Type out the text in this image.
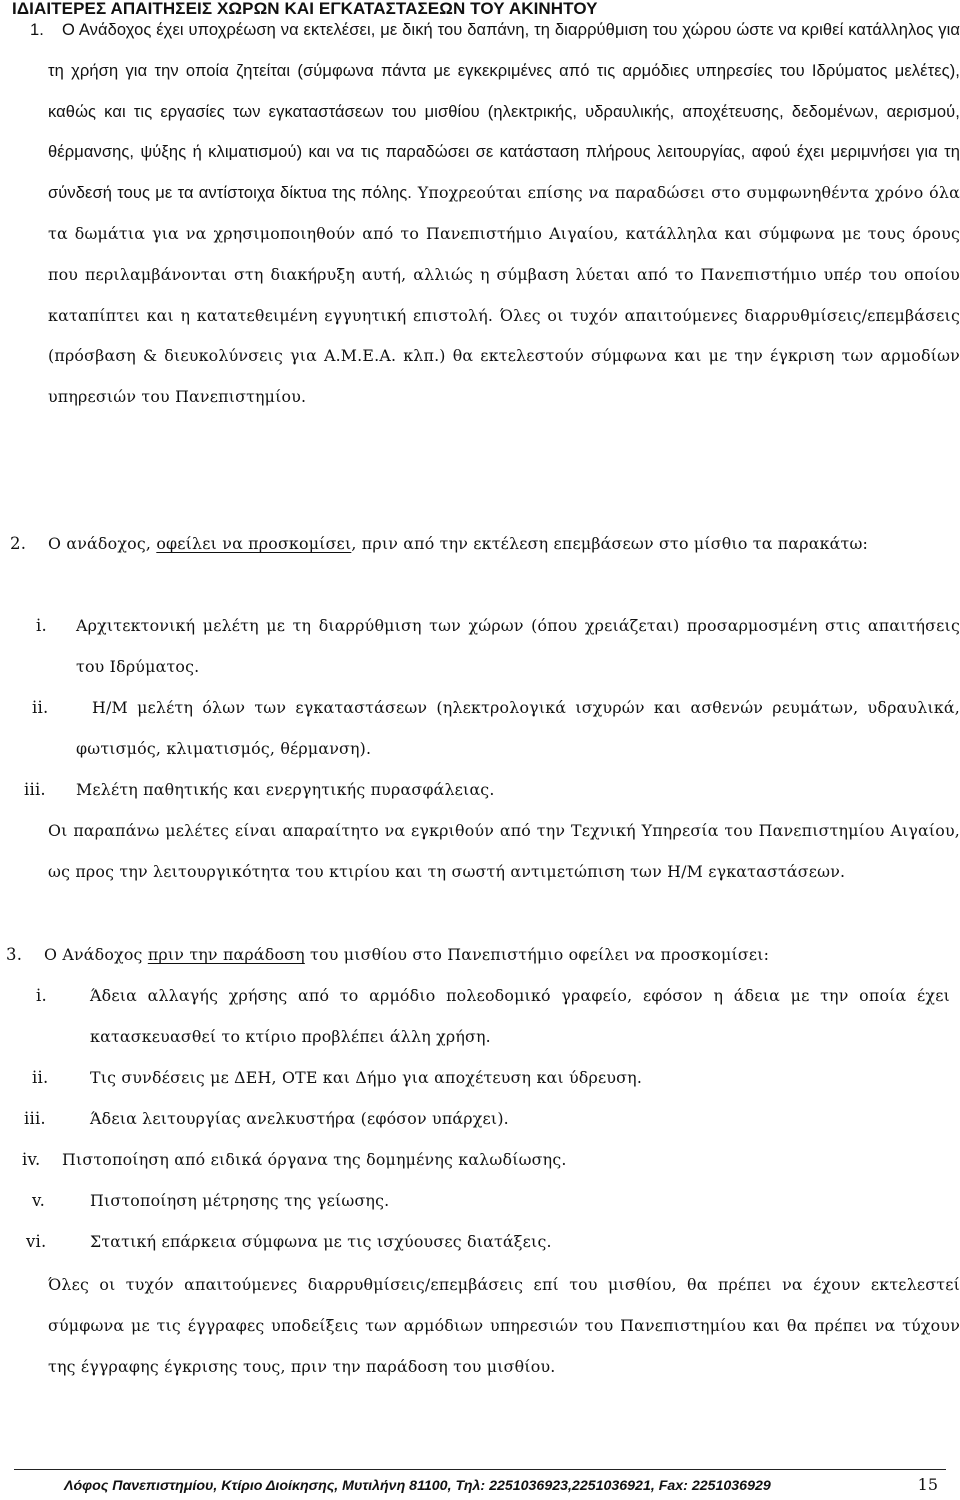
ΙΔΙΑΙΤΕΡΕΣ ΑΠΑΙΤΗΣΕΙΣ ΧΩΡΩΝ ΚΑΙ ΕΓΚΑΤΑΣΤΑΣΕΩΝ ΤΟΥ ΑΚΙΝΗΤΟΥ
1.	Ο Ανάδοχος έχει υποχρέωση να εκτελέσει, με δική του δαπάνη, τη διαρρύθμιση του χώρου ώστε να κριθεί κατάλληλος για τη χρήση για την οποία ζητείται (σύμφωνα πάντα με εγκεκριμένες από τις αρμόδιες υπηρεσίες του Ιδρύματος μελέτες), καθώς και τις εργασίες των εγκαταστάσεων του μισθίου (ηλεκτρικής, υδραυλικής, αποχέτευσης, δεδομένων, αερισμού, θέρμανσης, ψύξης ή κλιματισμού) και να τις παραδώσει σε κατάσταση πλήρους λειτουργίας, αφού έχει μεριμνήσει για τη σύνδεσή τους με τα αντίστοιχα δίκτυα της πόλης. Υποχρεούται επίσης να παραδώσει στο συμφωνηθέντα χρόνο όλα τα δωμάτια για να χρησιμοποιηθούν από το Πανεπιστήμιο Αιγαίου, κατάλληλα και σύμφωνα με τους όρους που περιλαμβάνονται στη διακήρυξη αυτή, αλλιώς η σύμβαση λύεται από το Πανεπιστήμιο υπέρ του οποίου καταπίπτει και η κατατεθειμένη εγγυητική επιστολή. Όλες οι τυχόν απαιτούμενες διαρρυθμίσεις/επεμβάσεις (πρόσβαση & διευκολύνσεις για Α.Μ.Ε.Α. κλπ.) θα εκτελεστούν σύμφωνα και με την έγκριση των αρμοδίων υπηρεσιών του Πανεπιστημίου.

2. Ο ανάδοχος, οφείλει να προσκομίσει, πριν από την εκτέλεση επεμβάσεων στο μίσθιο τα παρακάτω:

i. Αρχιτεκτονική μελέτη με τη διαρρύθμιση των χώρων (όπου χρειάζεται) προσαρμοσμένη στις απαιτήσεις του Ιδρύματος.

ii.	Η/Μ μελέτη όλων των εγκαταστάσεων (ηλεκτρολογικά ισχυρών και ασθενών ρευμάτων, υδραυλικά, φωτισμός, κλιματισμός, θέρμανση).

iii. Μελέτη παθητικής και ενεργητικής πυρασφάλειας.

Οι παραπάνω μελέτες είναι απαραίτητο να εγκριθούν από την Τεχνική Υπηρεσία του Πανεπιστημίου Αιγαίου, ως προς την λειτουργικότητα του κτιρίου και τη σωστή αντιμετώπιση των Η/Μ εγκαταστάσεων.

3. Ο Ανάδοχος πριν την παράδοση του μισθίου στο Πανεπιστήμιο οφείλει να προσκομίσει:

i.	Άδεια αλλαγής χρήσης από το αρμόδιο πολεοδομικό γραφείο, εφόσον η άδεια με την οποία έχει κατασκευασθεί το κτίριο προβλέπει άλλη χρήση.

ii.	Τις συνδέσεις με ΔΕΗ, ΟΤΕ και Δήμο για αποχέτευση και ύδρευση.

iii.	Άδεια λειτουργίας ανελκυστήρα (εφόσον υπάρχει).

iv. Πιστοποίηση από ειδικά όργανα της δομημένης καλωδίωσης.

v.	Πιστοποίηση μέτρησης της γείωσης.

vi.	Στατική επάρκεια σύμφωνα με τις ισχύουσες διατάξεις.

Όλες οι τυχόν απαιτούμενες διαρρυθμίσεις/επεμβάσεις επί του μισθίου, θα πρέπει να έχουν εκτελεστεί σύμφωνα με τις έγγραφες υποδείξεις των αρμόδιων υπηρεσιών του Πανεπιστημίου και θα πρέπει να τύχουν της έγγραφης έγκρισης τους, πριν την παράδοση του μισθίου.

Λόφος Πανεπιστημίου, Κτίριο Διοίκησης, Μυτιλήνη 81100, Τηλ: 2251036923,2251036921, Fax: 2251036929	15
